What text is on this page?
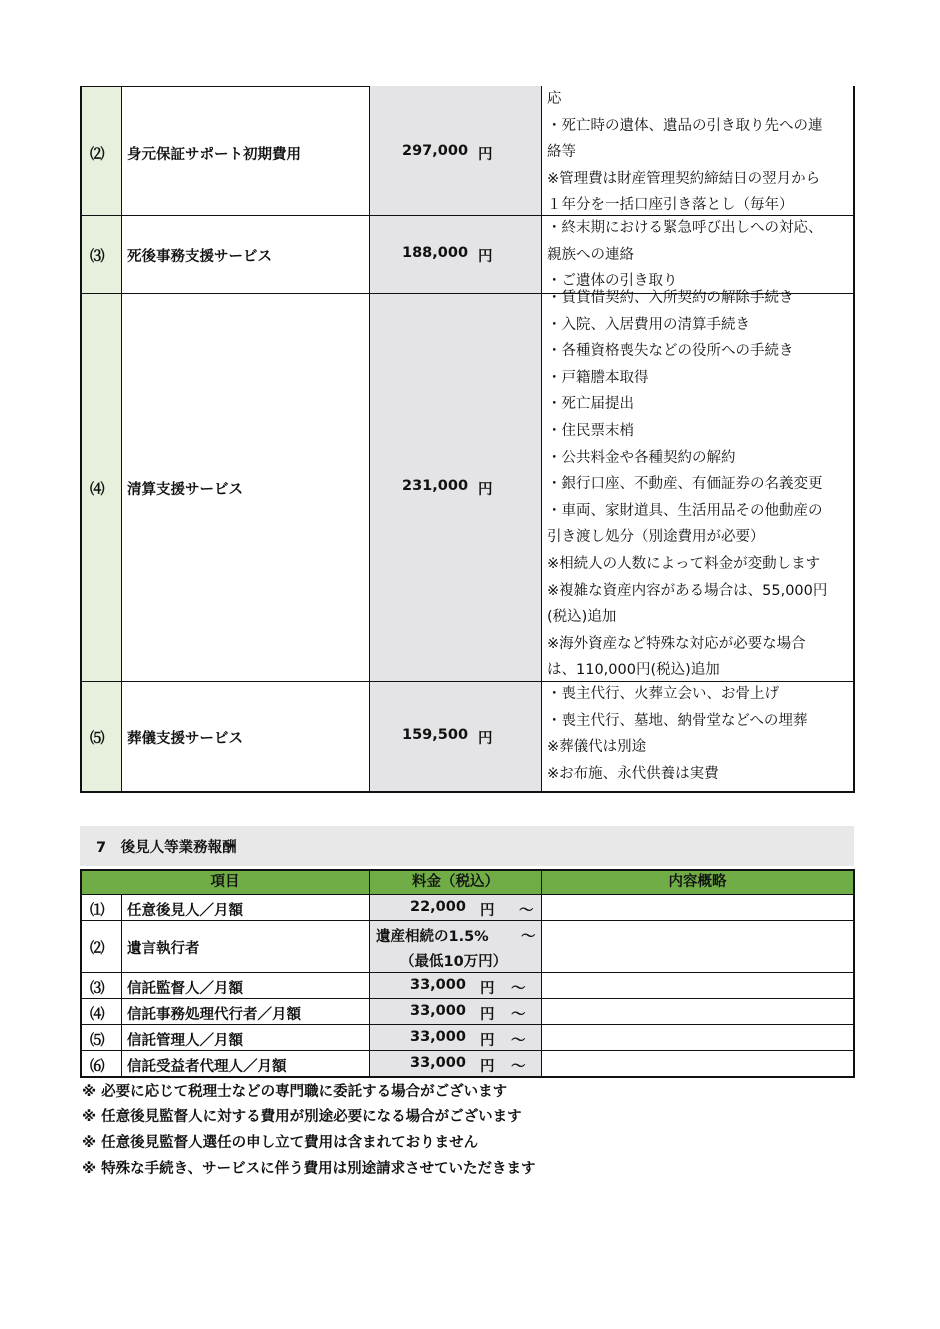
⑵ 身元保証サポート初期費用	297,000 円
応
・死亡時の遺体、遺品の引き取り先への連
絡等
※管理費は財産管理契約締結日の翌月から
１年分を一括口座引き落とし（毎年）
⑶ 死後事務支援サービス	188,000 円
・終末期における緊急呼び出しへの対応、
親族への連絡
・ご遺体の引き取り
⑷ 清算支援サービス	231,000 円
・賃貸借契約、入所契約の解除手続き
・入院、入居費用の清算手続き
・各種資格喪失などの役所への手続き
・戸籍謄本取得
・死亡届提出
・住民票末梢
・公共料金や各種契約の解約
・銀行口座、不動産、有価証券の名義変更
・車両、家財道具、生活用品その他動産の
引き渡し処分（別途費用が必要）
※相続人の人数によって料金が変動します
※複雑な資産内容がある場合は、55,000円
(税込)追加
※海外資産など特殊な対応が必要な場合
は、110,000円(税込)追加
⑸ 葬儀支援サービス	159,500 円
・喪主代行、火葬立会い、お骨上げ
・喪主代行、墓地、納骨堂などへの埋葬
※葬儀代は別途
※お布施、永代供養は実費
7　後見人等業務報酬
項目	料金（税込）	内容概略
⑴ 任意後見人／月額	22,000 円 ～
⑵ 遺言執行者
遺産相続の1.5% ～
（最低10万円）
⑶ 信託監督人／月額	33,000 円 ～
⑷ 信託事務処理代行者／月額	33,000 円 ～
⑸ 信託管理人／月額	33,000 円 ～
⑹ 信託受益者代理人／月額	33,000 円 ～
※ 必要に応じて税理士などの専門職に委託する場合がございます
※ 任意後見監督人に対する費用が別途必要になる場合がございます
※ 任意後見監督人選任の申し立て費用は含まれておりません
※ 特殊な手続き、サービスに伴う費用は別途請求させていただきます
